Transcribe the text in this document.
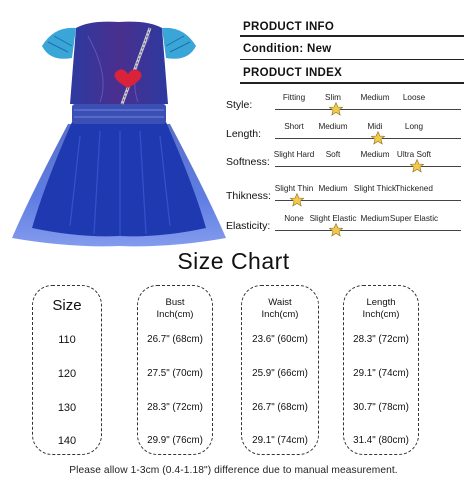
PRODUCT INFO
Condition: New
PRODUCT INDEX
Style:
Fitting Slim Medium Loose
Length:
Short Medium Midi	Long
Softness:
Slight Hard Soft Medium Ultra Soft
Thikness:
Slight Thin Medium Slight Thick Thickened
Elasticity:
None Slight Elastic Medium Super Elastic
Size Chart
Size
110
120
130
140
Bust
Inch(cm)
26.7" (68cm)
27.5" (70cm)
28.3" (72cm)
29.9" (76cm)
Waist
Inch(cm)
23.6" (60cm)
25.9" (66cm)
26.7" (68cm)
29.1" (74cm)
Length
Inch(cm)
28.3" (72cm)
29.1" (74cm)
30.7" (78cm)
31.4" (80cm)
Please allow 1-3cm (0.4-1.18") difference due to manual measurement.
